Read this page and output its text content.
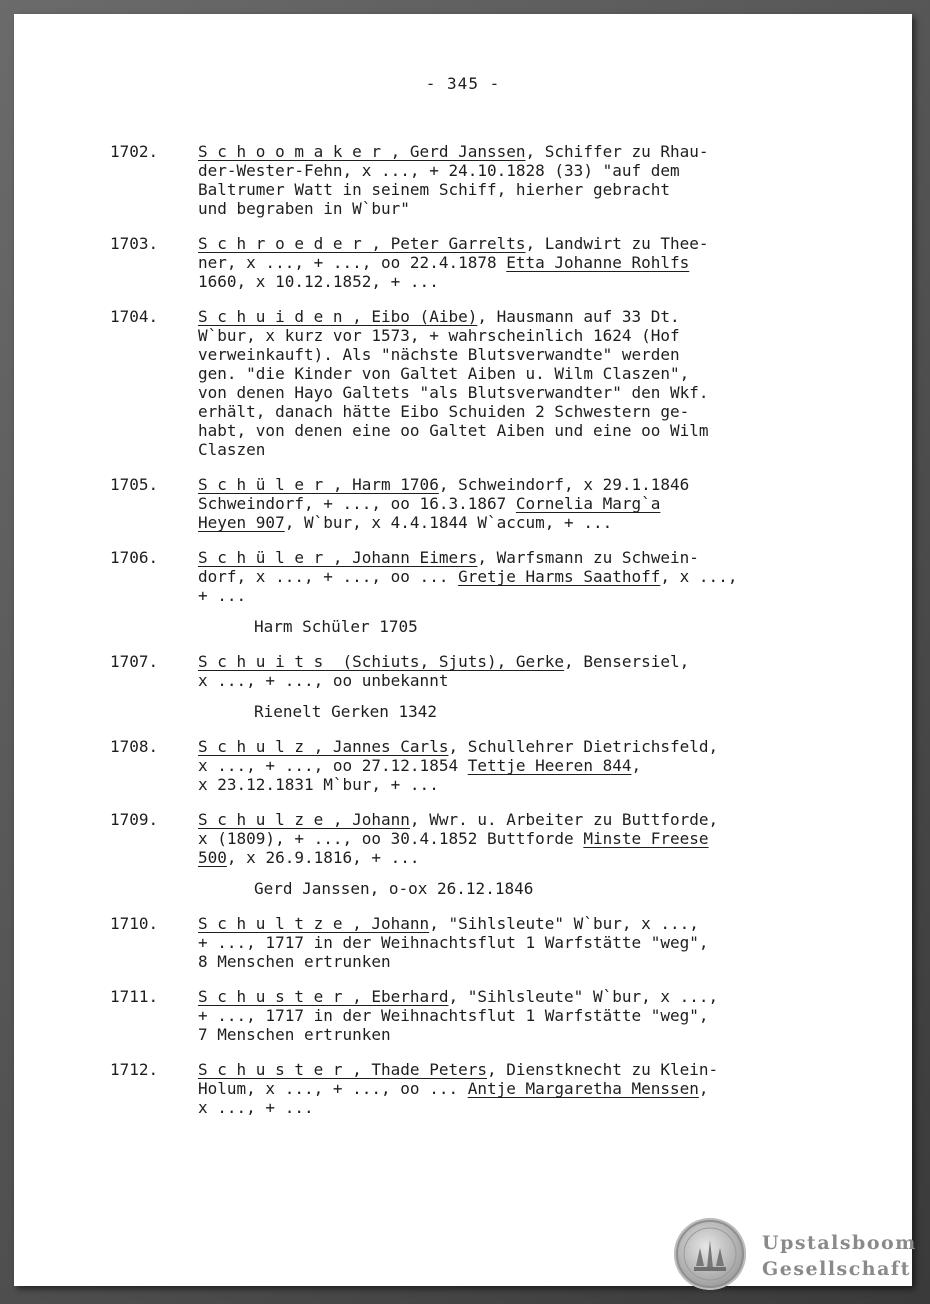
- 345 -
1702.	S c h o o m a k e r , Gerd Janssen, Schiffer zu Rhau-
der-Wester-Fehn, x ..., + 24.10.1828 (33) "auf dem
Baltrumer Watt in seinem Schiff, hierher gebracht
und begraben in W`bur"
1703.	S c h r o e d e r , Peter Garrelts, Landwirt zu Thee-
ner, x ..., + ..., oo 22.4.1878 Etta Johanne Rohlfs
1660, x 10.12.1852, + ...
1704.	S c h u i d e n , Eibo (Aibe), Hausmann auf 33 Dt.
W`bur, x kurz vor 1573, + wahrscheinlich 1624 (Hof
verweinkauft). Als "nächste Blutsverwandte" werden
gen. "die Kinder von Galtet Aiben u. Wilm Claszen",
von denen Hayo Galtets "als Blutsverwandter" den Wkf.
erhält, danach hätte Eibo Schuiden 2 Schwestern ge-
habt, von denen eine oo Galtet Aiben und eine oo Wilm
Claszen
1705.	S c h ü l e r , Harm 1706, Schweindorf, x 29.1.1846
Schweindorf, + ..., oo 16.3.1867 Cornelia Marg`a
Heyen 907, W`bur, x 4.4.1844 W`accum, + ...
1706.	S c h ü l e r , Johann Eimers, Warfsmann zu Schwein-
dorf, x ..., + ..., oo ... Gretje Harms Saathoff, x ...,
+ ...
Harm Schüler 1705
1707.	S c h u i t s  (Schiuts, Sjuts), Gerke, Bensersiel,
x ..., + ..., oo unbekannt
Rienelt Gerken 1342
1708.	S c h u l z , Jannes Carls, Schullehrer Dietrichsfeld,
x ..., + ..., oo 27.12.1854 Tettje Heeren 844,
x 23.12.1831 M`bur, + ...
1709.	S c h u l z e , Johann, Wwr. u. Arbeiter zu Buttforde,
x (1809), + ..., oo 30.4.1852 Buttforde Minste Freese
500, x 26.9.1816, + ...
Gerd Janssen, o-ox 26.12.1846
1710.	S c h u l t z e , Johann, "Sihlsleute" W`bur, x ...,
+ ..., 1717 in der Weihnachtsflut 1 Warfstätte "weg",
8 Menschen ertrunken
1711.	S c h u s t e r , Eberhard, "Sihlsleute" W`bur, x ...,
+ ..., 1717 in der Weihnachtsflut 1 Warfstätte "weg",
7 Menschen ertrunken
1712.	S c h u s t e r , Thade Peters, Dienstknecht zu Klein-
Holum, x ..., + ..., oo ... Antje Margaretha Menssen,
x ..., + ...
Upstalsboom
Gesellschaft
